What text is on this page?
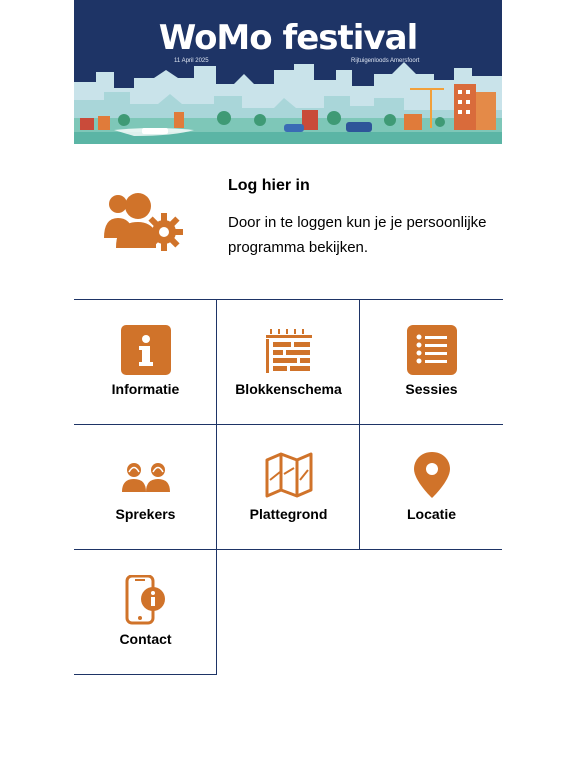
WoMo festival
11 April 2025	Rijtuigenloods Amersfoort
Log hier in
Door in te loggen kun je je persoonlijke programma bekijken.
Informatie	Blokkenschema	Sessies
Sprekers	Plattegrond	Locatie
Contact
